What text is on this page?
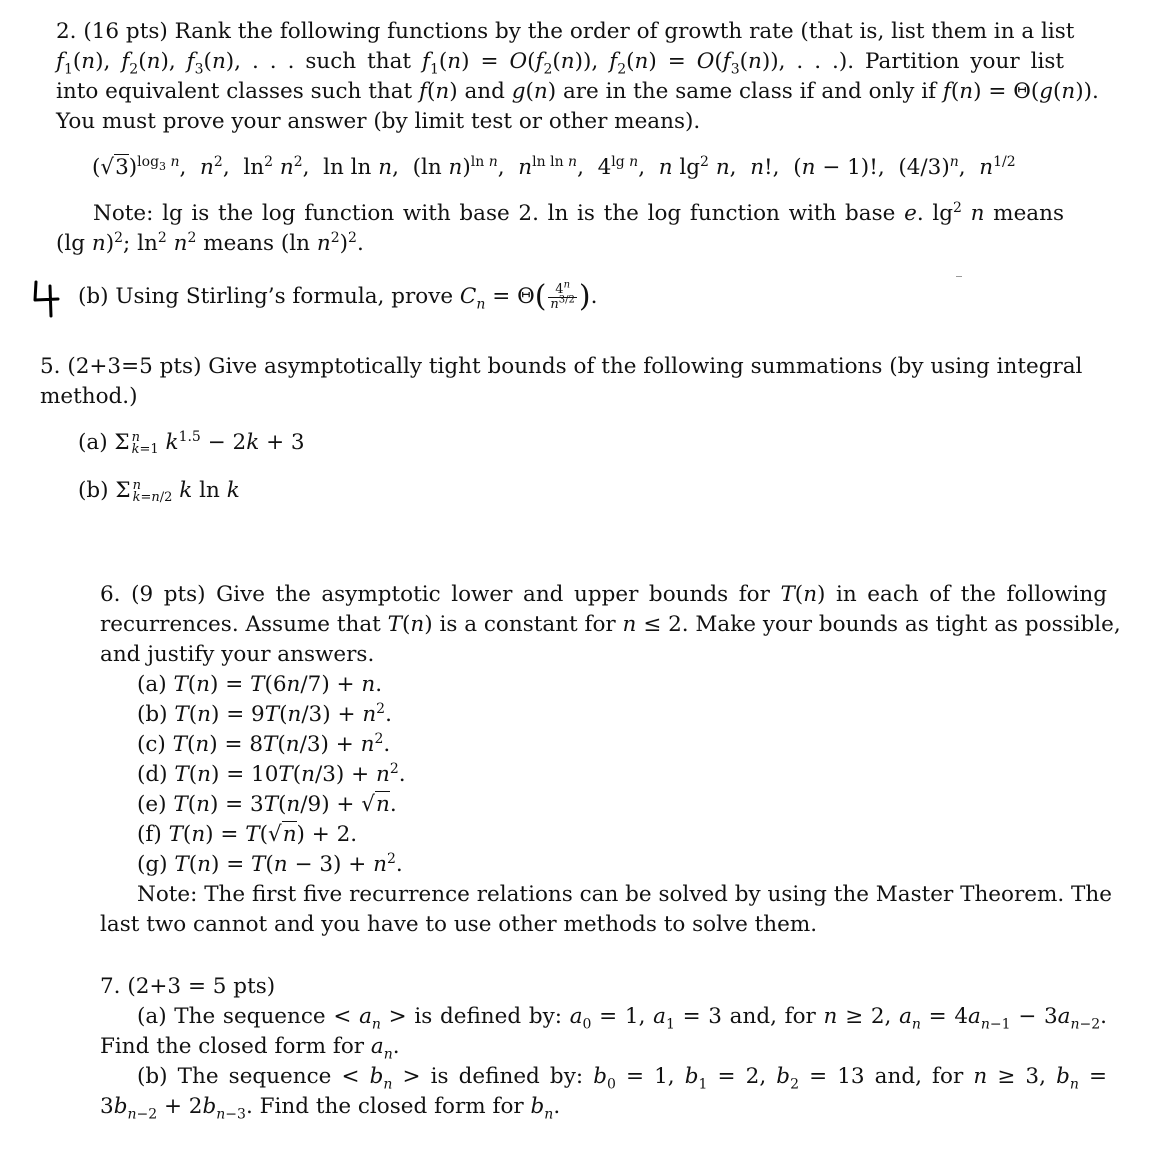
2. (16 pts) Rank the following functions by the order of growth rate (that is, list them in a list
$f_1(n)$, $f_2(n)$, $f_3(n)$, . . . such that $f_1(n) = O(f_2(n))$, $f_2(n) = O(f_3(n))$, . . .). Partition your list
into equivalent classes such that f(n) and g(n) are in the same class if and only if f(n) = Θ(g(n)).
You must prove your answer (by limit test or other means).
$(√3)^{log_3 n}$,  $n^2$,  $\ln^2 n^2$,  ln ln n,  (ln n)$^{ln n}$,  $n^{ln ln n}$,  $4^{lg n}$,  n $\lg^2 n$,  n!,  (n − 1)!,  $(4/3)^n$,  $n^{1/2}$
Note: lg is the log function with base 2. ln is the log function with base e. $\lg^2 n$ means
(lg n)$^2$; $\ln^2 n^2$ means (ln $n^2)^2$.
(b) Using Stirling’s formula, prove $C_n = \Theta( \frac{4^n}{n^{3/2}}$ ).
5. (2+3=5 pts) Give asymptotically tight bounds of the following summations (by using integral
method.)
(a) Σ n
k=1 $k^{1.5} - 2k + 3$
(b) Σ n
k=n/2 k ln k
6. (9 pts) Give the asymptotic lower and upper bounds for T(n) in each of the following
recurrences. Assume that T(n) is a constant for n ≤ 2. Make your bounds as tight as possible,
and justify your answers.
(a) T(n) = T(6n/7) + n.
(b) $T(n) = 9T(n/3) + n^2$.
(c) $T(n) = 8T(n/3) + n^2$.
(d) $T(n) = 10T(n/3) + n^2$.
(e) T(n) = 3T(n/9) + √n.
(f) T(n) = T(√n) + 2.
(g) $T(n) = T(n - 3) + n^2$.
Note: The first five recurrence relations can be solved by using the Master Theorem. The
last two cannot and you have to use other methods to solve them.
7. (2+3 = 5 pts)
(a) The sequence < $a_n$ > is defined by: $a_0 = 1$, $a_1 = 3$ and, for n ≥ 2, $a_n = 4a_{n-1} - 3a_{n-2}$.
Find the closed form for $a_n$.
(b) The sequence < $b_n$ > is defined by: $b_0 = 1$, $b_1 = 2$, $b_2 = 13$ and, for n ≥ 3, $b_n$ =
$3b_{n-2} + 2b_{n-3}$. Find the closed form for $b_n$.
